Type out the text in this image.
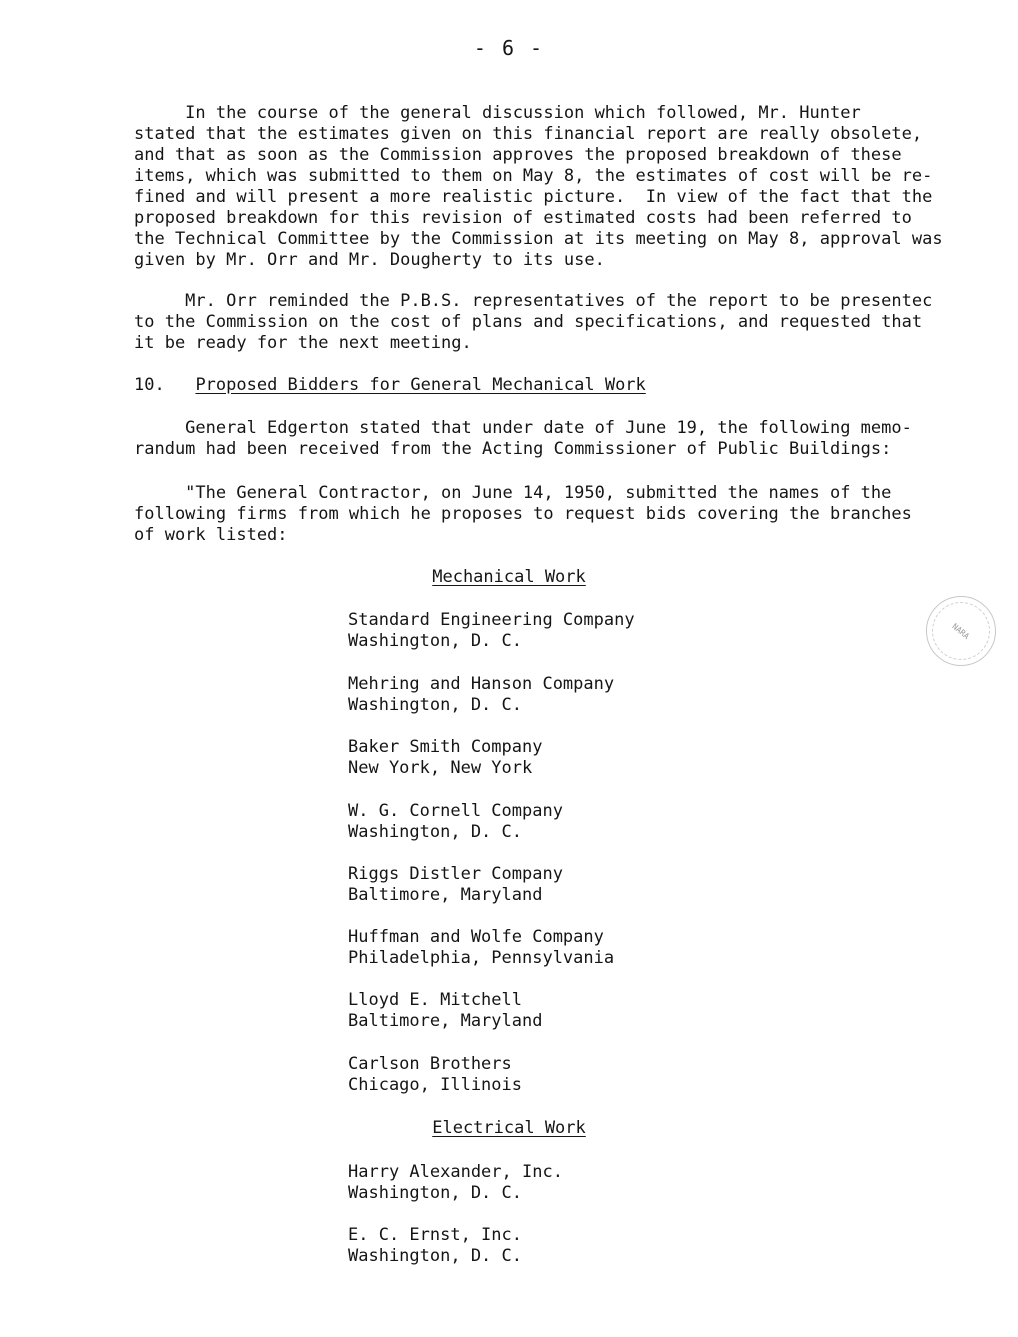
- 6 -

In the course of the general discussion which followed, Mr. Hunter
stated that the estimates given on this financial report are really obsolete,
and that as soon as the Commission approves the proposed breakdown of these
items, which was submitted to them on May 8, the estimates of cost will be re-
fined and will present a more realistic picture.  In view of the fact that the
proposed breakdown for this revision of estimated costs had been referred to
the Technical Committee by the Commission at its meeting on May 8, approval was
given by Mr. Orr and Mr. Dougherty to its use.

Mr. Orr reminded the P.B.S. representatives of the report to be presentec
to the Commission on the cost of plans and specifications, and requested that
it be ready for the next meeting.

10. Proposed Bidders for General Mechanical Work

General Edgerton stated that under date of June 19, the following memo-
randum had been received from the Acting Commissioner of Public Buildings:

"The General Contractor, on June 14, 1950, submitted the names of the
following firms from which he proposes to request bids covering the branches
of work listed:

Mechanical Work
Standard Engineering Company
Washington, D. C.
Mehring and Hanson Company
Washington, D. C.
Baker Smith Company
New York, New York
W. G. Cornell Company
Washington, D. C.
Riggs Distler Company
Baltimore, Maryland
Huffman and Wolfe Company
Philadelphia, Pennsylvania
Lloyd E. Mitchell
Baltimore, Maryland
Carlson Brothers
Chicago, Illinois
Electrical Work
Harry Alexander, Inc.
Washington, D. C.
E. C. Ernst, Inc.
Washington, D. C.
NARA
